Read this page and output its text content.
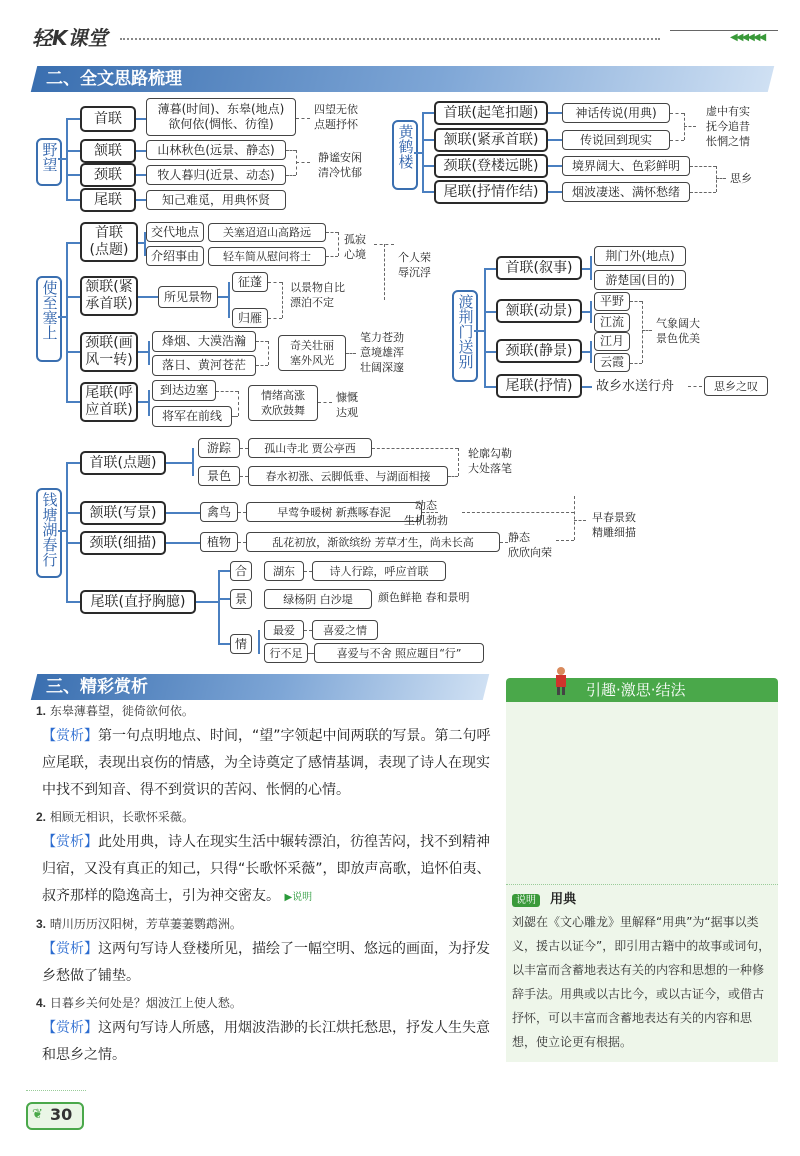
轻K课堂	◀◀◀◀◀◀
二、全文思路梳理
野望
首联
颔联
颈联
尾联
薄暮(时间)、东皋(地点)
欲何依(惆怅、彷徨)
山林秋色(远景、静态)
牧人暮归(近景、动态)
知己难觅，用典怀贤
四望无依
点题抒怀
静谧安闲
清冷忧郁
黄鹤楼
首联(起笔扣题)
颔联(紧承首联)
颈联(登楼远眺)
尾联(抒情作结)
神话传说(用典)
传说回到现实
境界阔大、色彩鲜明
烟波凄迷、满怀愁绪
虚中有实
抚今追昔
怅惘之情
思乡
使至塞上
首联
(点题)
颔联(紧
承首联)
颈联(画
风一转)
尾联(呼
应首联)
交代地点
介绍事由
关塞迢迢山高路远
轻车简从慰问将士
孤寂
心境	个人荣
辱沉浮
所见景物
征蓬
归雁
以景物自比
漂泊不定
烽烟、大漠浩瀚
落日、黄河苍茫
奇关壮丽
塞外风光
笔力苍劲
意境雄浑
壮阔深邃
到达边塞
将军在前线
情绪高涨
欢欣鼓舞
慷慨
达观
渡荆门送别
首联(叙事)
颔联(动景)
颈联(静景)
尾联(抒情)
荆门外(地点)
游楚国(目的)
平野
江流
江月
云霞
气象阔大
景色优美
故乡水送行舟	思乡之叹
钱塘湖春行
首联(点题)
颔联(写景)
颈联(细描)
尾联(直抒胸臆)
游踪
景色
孤山寺北 贾公亭西
春水初涨、云脚低垂、与湖面相接
轮廓勾勒
大处落笔
禽鸟	早莺争暖树 新燕啄春泥	动态
生机勃勃
植物	乱花初放，渐欲缤纷 芳草才生，尚未长高	静态
欣欣向荣
早春景致
精雕细描
合
景
情
湖东	诗人行踪，呼应首联
绿杨阴 白沙堤	颜色鲜艳 春和景明
最爱	喜爱之情
行不足	喜爱与不舍 照应题目“行”
三、精彩赏析
1. 东皋薄暮望，徙倚欲何依。
【赏析】第一句点明地点、时间，“望”字领起中间两联的写景。第二句呼应尾联，表现出哀伤的情感，为全诗奠定了感情基调，表现了诗人在现实中找不到知音、得不到赏识的苦闷、怅惘的心情。
2. 相顾无相识，长歌怀采薇。
【赏析】此处用典，诗人在现实生活中辗转漂泊，彷徨苦闷，找不到精神归宿，又没有真正的知己，只得“长歌怀采薇”，即放声高歌，追怀伯夷、叔齐那样的隐逸高士，引为神交密友。 ▶说明
3. 晴川历历汉阳树，芳草萋萋鹦鹉洲。
【赏析】这两句写诗人登楼所见，描绘了一幅空明、悠远的画面，为抒发乡愁做了铺垫。
4. 日暮乡关何处是？烟波江上使人愁。
【赏析】这两句写诗人所感，用烟波浩渺的长江烘托愁思，抒发人生失意和思乡之情。
引趣·激思·结法
说明 用典
刘勰在《文心雕龙》里解释“用典”为“据事以类义，援古以证今”，即引用古籍中的故事或词句，以丰富而含蓄地表达有关的内容和思想的一种修辞手法。用典或以古比今，或以古证今，或借古抒怀，可以丰富而含蓄地表达有关的内容和思想，使立论更有根据。
❦ 30
